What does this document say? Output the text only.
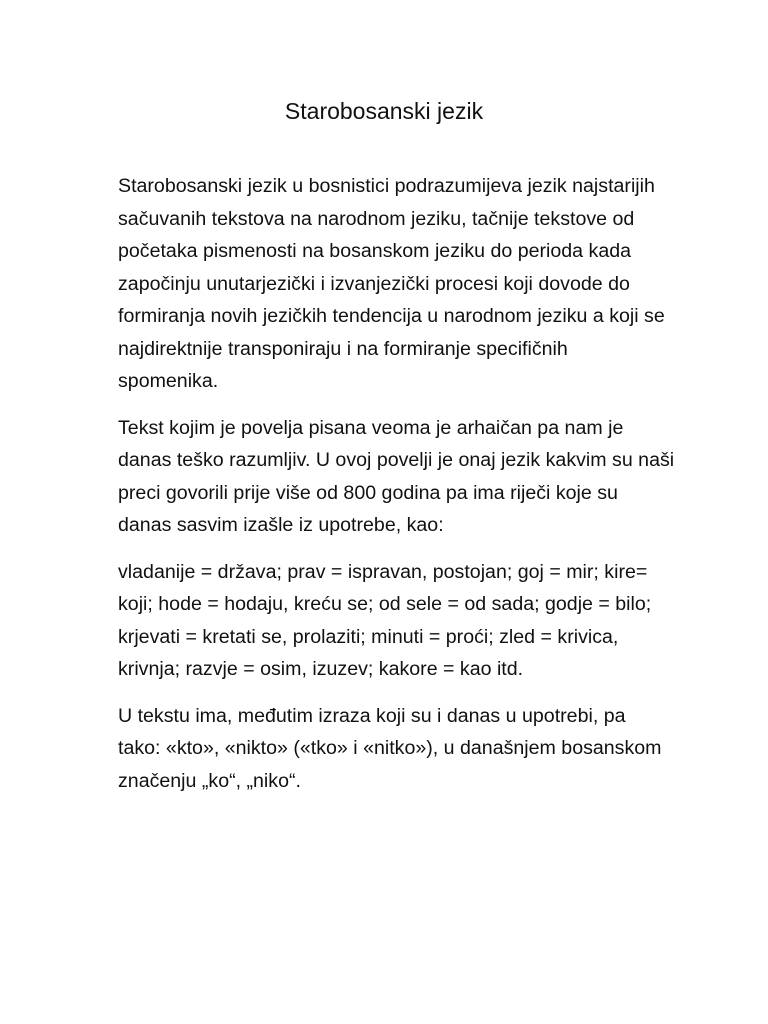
Starobosanski jezik

Starobosanski jezik u bosnistici podrazumijeva jezik najstarijih
sačuvanih tekstova na narodnom jeziku, tačnije tekstove od
početaka pismenosti na bosanskom jeziku do perioda kada
započinju unutarjezički i izvanjezički procesi koji dovode do
formiranja novih jezičkih tendencija u narodnom jeziku a koji se
najdirektnije transponiraju i na formiranje specifičnih
spomenika.

Tekst kojim je povelja pisana veoma je arhaičan pa nam je
danas teško razumljiv. U ovoj povelji je onaj jezik kakvim su naši
preci govorili prije više od 800 godina pa ima riječi koje su
danas sasvim izašle iz upotrebe, kao:

vladanije = država; prav = ispravan, postojan; goj = mir; kire=
koji; hode = hodaju, kreću se; od sele = od sada; godje = bilo;
krjevati = kretati se, prolaziti; minuti = proći; zled = krivica,
krivnja; razvje = osim, izuzev; kakore = kao itd.

U tekstu ima, međutim izraza koji su i danas u upotrebi, pa
tako: «kto», «nikto» («tko» i «nitko»), u današnjem bosanskom
značenju „ko“, „niko“.
